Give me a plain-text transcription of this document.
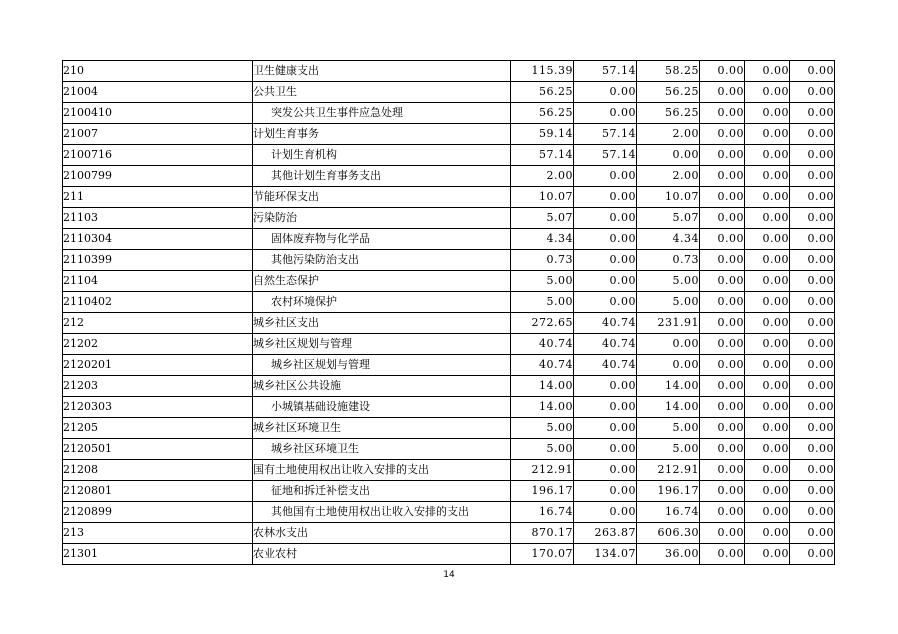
210	卫生健康支出	115.39	57.14	58.25	0.00	0.00	0.00
21004	公共卫生	56.25	0.00	56.25	0.00	0.00	0.00
2100410	突发公共卫生事件应急处理	56.25	0.00	56.25	0.00	0.00	0.00
21007	计划生育事务	59.14	57.14	2.00	0.00	0.00	0.00
2100716	计划生育机构	57.14	57.14	0.00	0.00	0.00	0.00
2100799	其他计划生育事务支出	2.00	0.00	2.00	0.00	0.00	0.00
211	节能环保支出	10.07	0.00	10.07	0.00	0.00	0.00
21103	污染防治	5.07	0.00	5.07	0.00	0.00	0.00
2110304	固体废弃物与化学品	4.34	0.00	4.34	0.00	0.00	0.00
2110399	其他污染防治支出	0.73	0.00	0.73	0.00	0.00	0.00
21104	自然生态保护	5.00	0.00	5.00	0.00	0.00	0.00
2110402	农村环境保护	5.00	0.00	5.00	0.00	0.00	0.00
212	城乡社区支出	272.65	40.74	231.91	0.00	0.00	0.00
21202	城乡社区规划与管理	40.74	40.74	0.00	0.00	0.00	0.00
2120201	城乡社区规划与管理	40.74	40.74	0.00	0.00	0.00	0.00
21203	城乡社区公共设施	14.00	0.00	14.00	0.00	0.00	0.00
2120303	小城镇基础设施建设	14.00	0.00	14.00	0.00	0.00	0.00
21205	城乡社区环境卫生	5.00	0.00	5.00	0.00	0.00	0.00
2120501	城乡社区环境卫生	5.00	0.00	5.00	0.00	0.00	0.00
21208	国有土地使用权出让收入安排的支出	212.91	0.00	212.91	0.00	0.00	0.00
2120801	征地和拆迁补偿支出	196.17	0.00	196.17	0.00	0.00	0.00
2120899	其他国有土地使用权出让收入安排的支出	16.74	0.00	16.74	0.00	0.00	0.00
213	农林水支出	870.17	263.87	606.30	0.00	0.00	0.00
21301	农业农村	170.07	134.07	36.00	0.00	0.00	0.00
14
